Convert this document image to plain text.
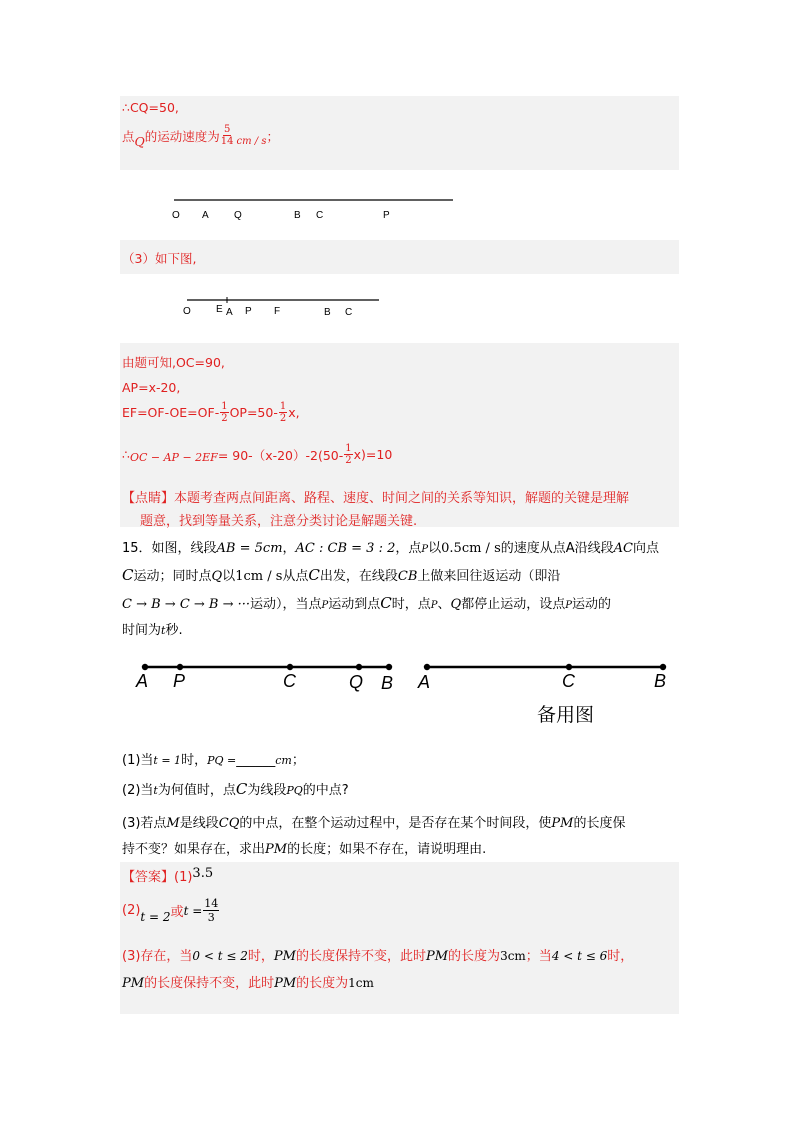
∴CQ=50,
点 Q 的运动速度为 $\frac{5}{14}$ cm / s ；
O A	Q	B C	P
（3）如下图,
O	E A P F	B C
由题可知,OC=90,
AP=x-20,
$EF=OF-OE=OF- \frac{1}{2} OP=50- \frac{1}{2} x$,
∴ OC − AP − $2EF = 90-(x-20)-2(50- \frac{1}{2} x)=10$
【点睛】本题考查两点间距离、路程、速度、时间之间的关系等知识，解题的关键是理解
题意，找到等量关系，注意分类讨论是解题关键.
15．如图，线段AB = 5cm，AC : CB = 3 : 2，点P以0.5cm / s的速度从点A沿线段AC向点
C运动；同时点Q以1cm / s从点C出发，在线段CB上做来回往返运动（即沿
C → B → C → B → ···运动），当点P运动到点C时，点P、Q都停止运动，设点P运动的
时间为t秒.
A P	C	Q B A	C	B
备用图
(1)当t = 1时，PQ =______cm；
(2)当t为何值时，点C为线段PQ的中点?
(3)若点M是线段CQ的中点，在整个运动过程中，是否存在某个时间段，使PM的长度保
持不变？如果存在，求出PM的长度；如果不存在，请说明理由.
【答案】(1)3.5
(2) t = 2 或 $t = \frac{14}{3}$
(3)存在，当0 < t ≤ 2时，PM的长度保持不变，此时PM的长度为3cm；当4 < t ≤ 6时，
PM的长度保持不变，此时PM的长度为1cm
